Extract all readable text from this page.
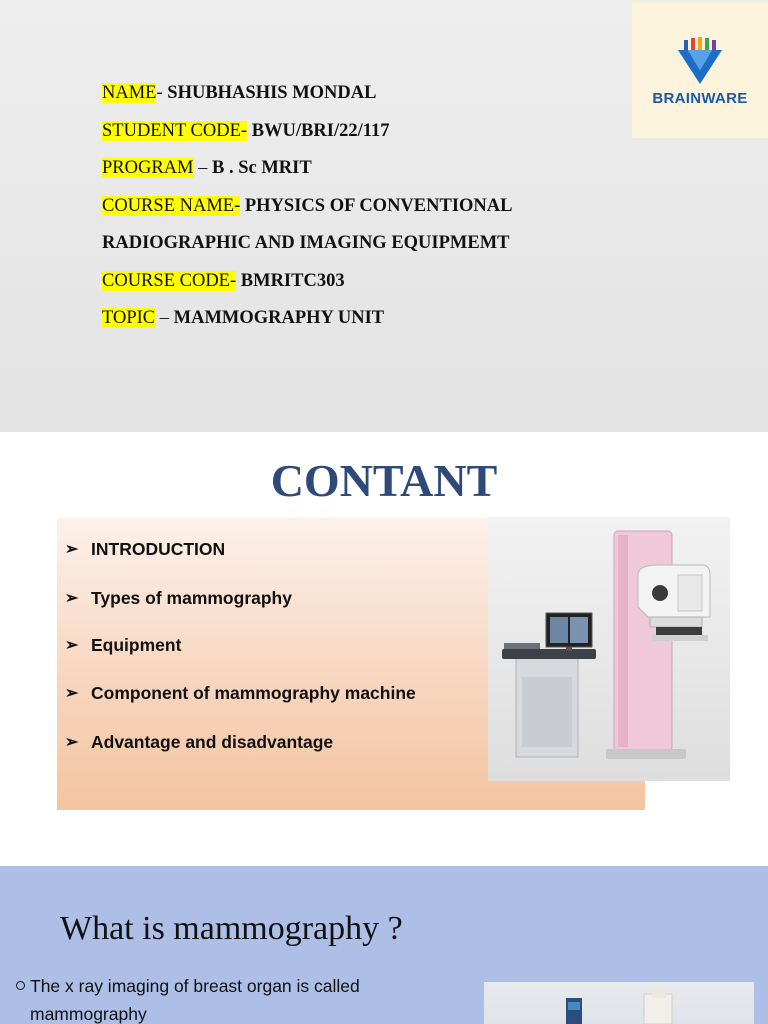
BRAINWARE
NAME- SHUBHASHIS MONDAL
STUDENT CODE- BWU/BRI/22/117
PROGRAM – B . Sc MRIT
COURSE NAME- PHYSICS OF CONVENTIONAL
RADIOGRAPHIC AND IMAGING EQUIPMEMT
COURSE CODE- BMRITC303
TOPIC – MAMMOGRAPHY UNIT
CONTANT
➢ INTRODUCTION
➢ Types of mammography
➢ Equipment
➢ Component of mammography machine
➢ Advantage and disadvantage
What is mammography ?
The x ray imaging of breast organ is called
mammography
